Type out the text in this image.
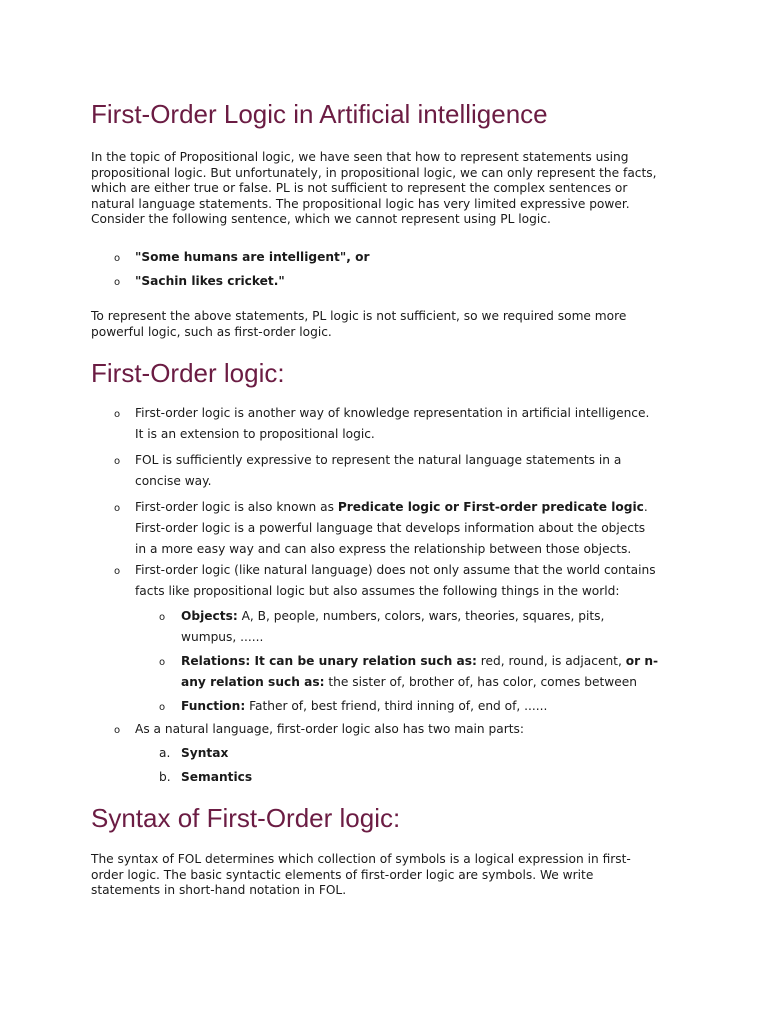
First-Order Logic in Artificial intelligence

In the topic of Propositional logic, we have seen that how to represent statements using
propositional logic. But unfortunately, in propositional logic, we can only represent the facts,
which are either true or false. PL is not sufficient to represent the complex sentences or
natural language statements. The propositional logic has very limited expressive power.
Consider the following sentence, which we cannot represent using PL logic.

o "Some humans are intelligent", or
o "Sachin likes cricket."

To represent the above statements, PL logic is not sufficient, so we required some more
powerful logic, such as first-order logic.

First-Order logic:
o First-order logic is another way of knowledge representation in artificial intelligence.
It is an extension to propositional logic.
o FOL is sufficiently expressive to represent the natural language statements in a
concise way.
o First-order logic is also known as Predicate logic or First-order predicate logic.
First-order logic is a powerful language that develops information about the objects
in a more easy way and can also express the relationship between those objects.
o First-order logic (like natural language) does not only assume that the world contains
facts like propositional logic but also assumes the following things in the world:
o Objects: A, B, people, numbers, colors, wars, theories, squares, pits,
wumpus, ......
o Relations: It can be unary relation such as: red, round, is adjacent, or n-
any relation such as: the sister of, brother of, has color, comes between
o Function: Father of, best friend, third inning of, end of, ......
o As a natural language, first-order logic also has two main parts:
a. Syntax
b. Semantics
Syntax of First-Order logic:

The syntax of FOL determines which collection of symbols is a logical expression in first-
order logic. The basic syntactic elements of first-order logic are symbols. We write
statements in short-hand notation in FOL.
